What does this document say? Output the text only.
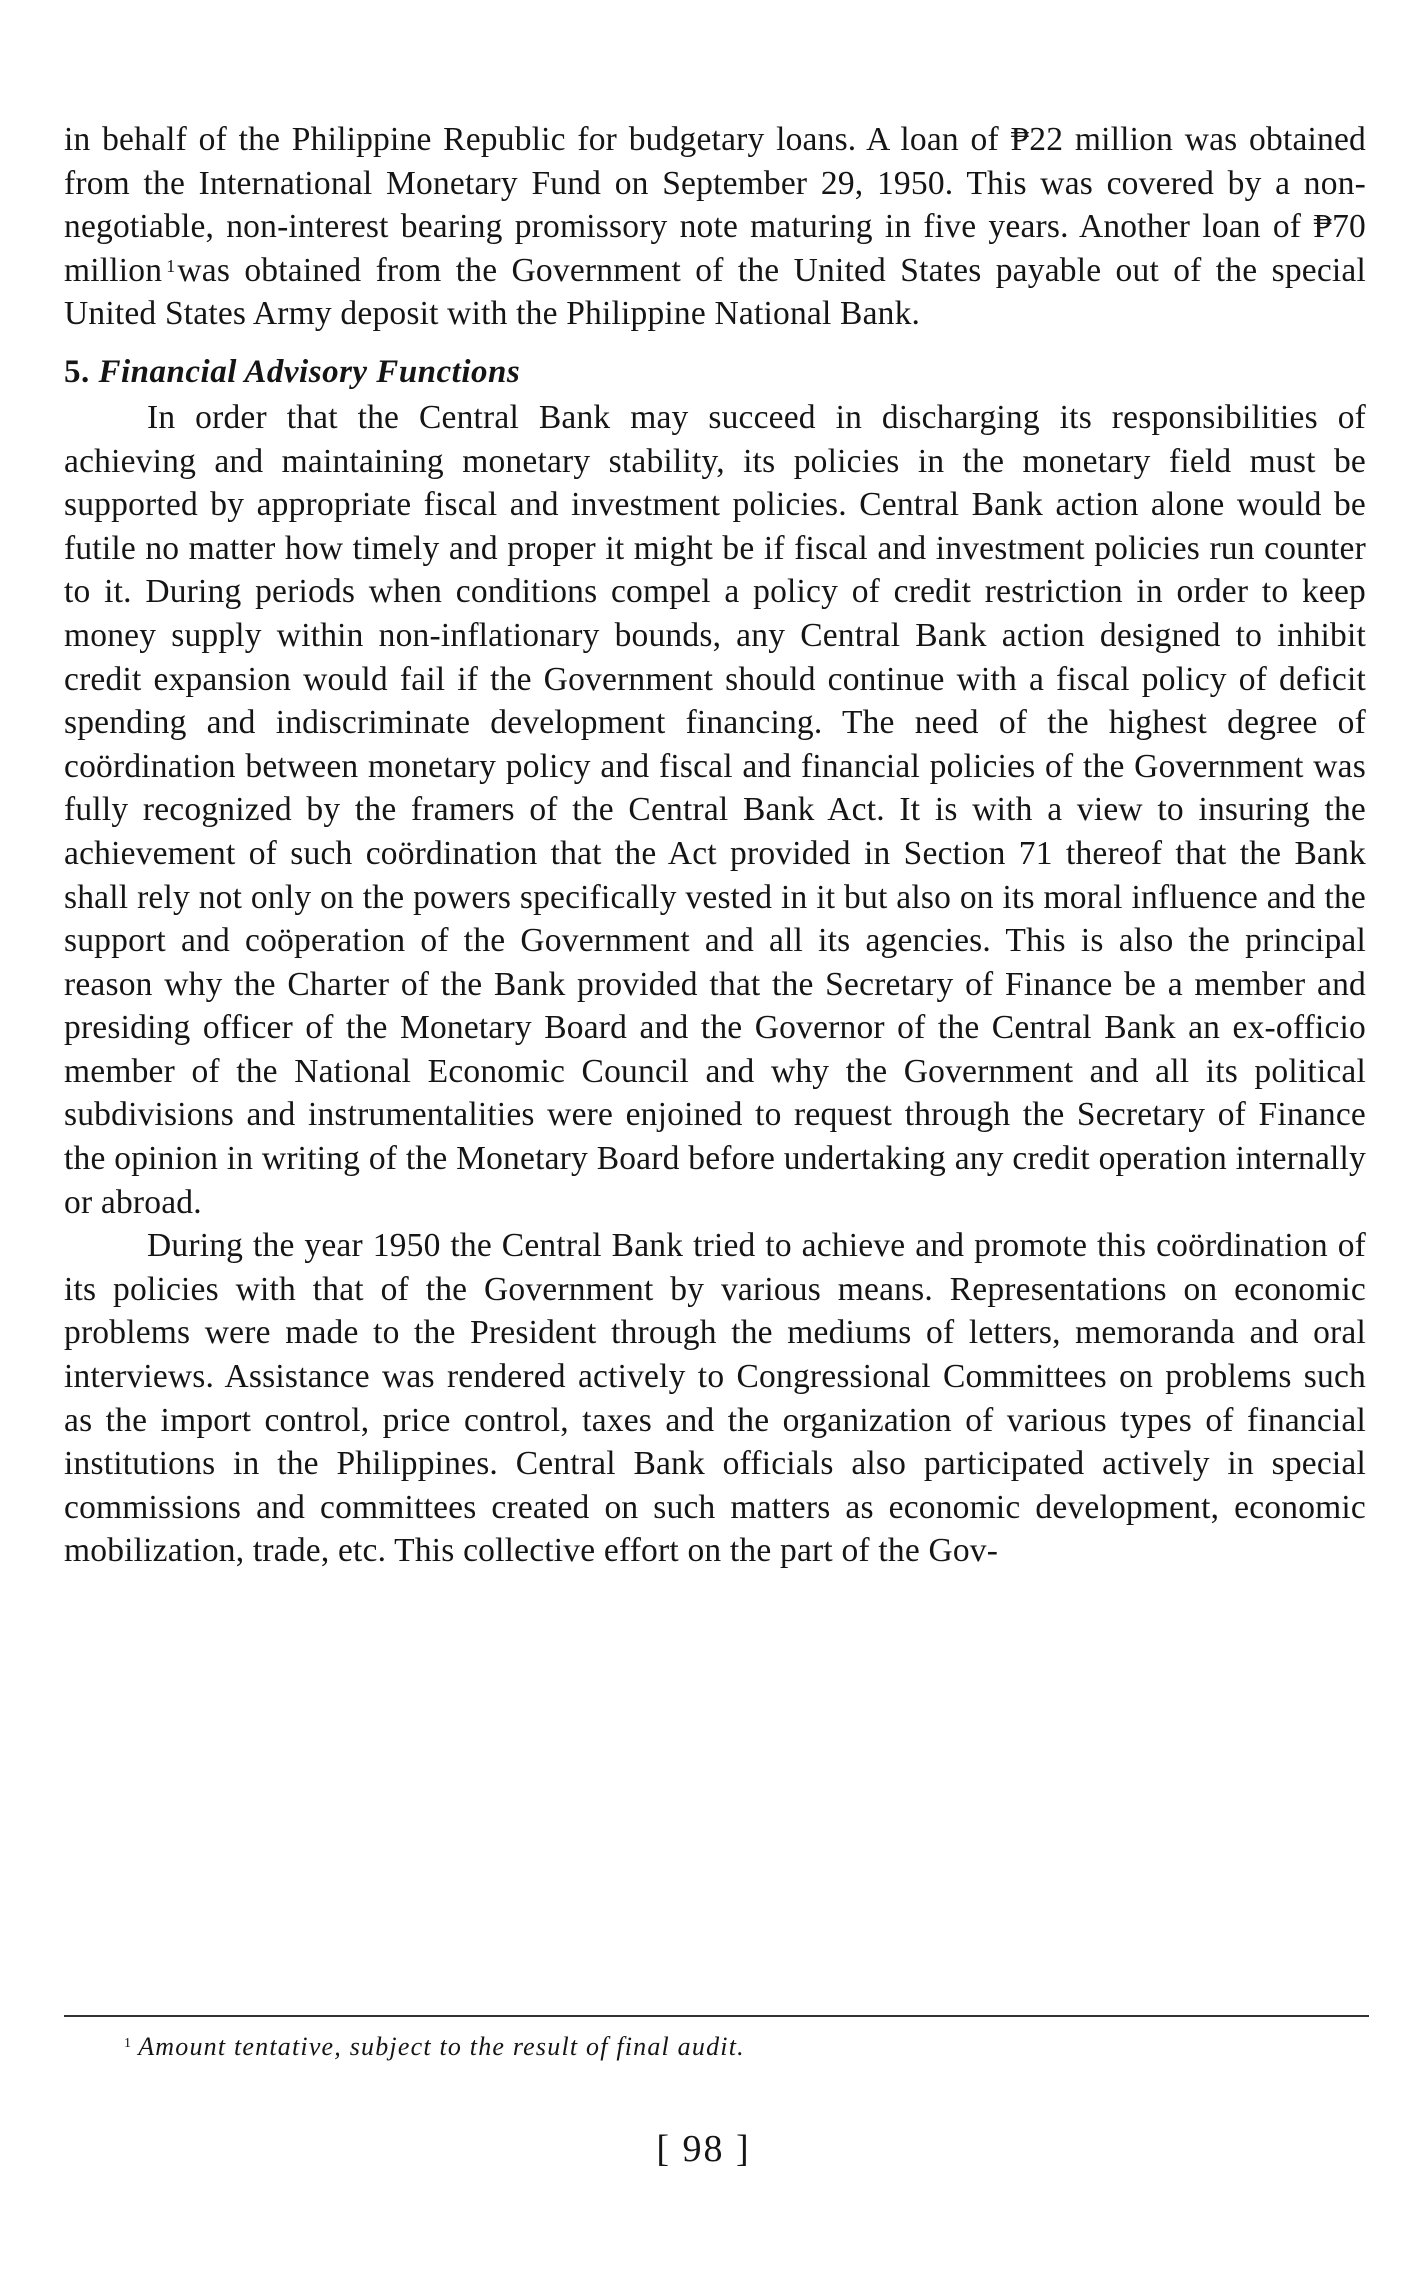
in behalf of the Philippine Republic for budgetary loans. A loan of ₱22 million was obtained from the International Monetary Fund on September 29, 1950. This was covered by a non-negotiable, non-interest bearing promissory note maturing in five years. Another loan of ₱70 million $^1$was obtained from the Government of the United States payable out of the special United States Army deposit with the Philippine National Bank.

5. Financial Advisory Functions

In order that the Central Bank may succeed in discharging its responsibilities of achieving and maintaining monetary stability, its policies in the monetary field must be supported by appropriate fiscal and investment policies. Central Bank action alone would be futile no matter how timely and proper it might be if fiscal and investment policies run counter to it. During periods when conditions compel a policy of credit restriction in order to keep money supply within non-inflationary bounds, any Central Bank action designed to inhibit credit expansion would fail if the Government should continue with a fiscal policy of deficit spending and indiscriminate development financing. The need of the highest degree of coördination between monetary policy and fiscal and financial policies of the Government was fully recognized by the framers of the Central Bank Act. It is with a view to insuring the achievement of such coördination that the Act provided in Section 71 thereof that the Bank shall rely not only on the powers specifically vested in it but also on its moral influence and the support and coöperation of the Government and all its agencies. This is also the principal reason why the Charter of the Bank provided that the Secretary of Finance be a member and presiding officer of the Monetary Board and the Governor of the Central Bank an ex-officio member of the National Economic Council and why the Government and all its political subdivisions and instrumentalities were enjoined to request through the Secretary of Finance the opinion in writing of the Monetary Board before undertaking any credit operation internally or abroad.

During the year 1950 the Central Bank tried to achieve and promote this coördination of its policies with that of the Government by various means. Representations on economic problems were made to the President through the mediums of letters, memoranda and oral interviews. Assistance was rendered actively to Congressional Committees on problems such as the import control, price control, taxes and the organization of various types of financial institutions in the Philippines. Central Bank officials also participated actively in special commissions and committees created on such matters as economic development, economic mobilization, trade, etc. This collective effort on the part of the Gov-

$^1$ Amount tentative, subject to the result of final audit.

[ 98 ]
